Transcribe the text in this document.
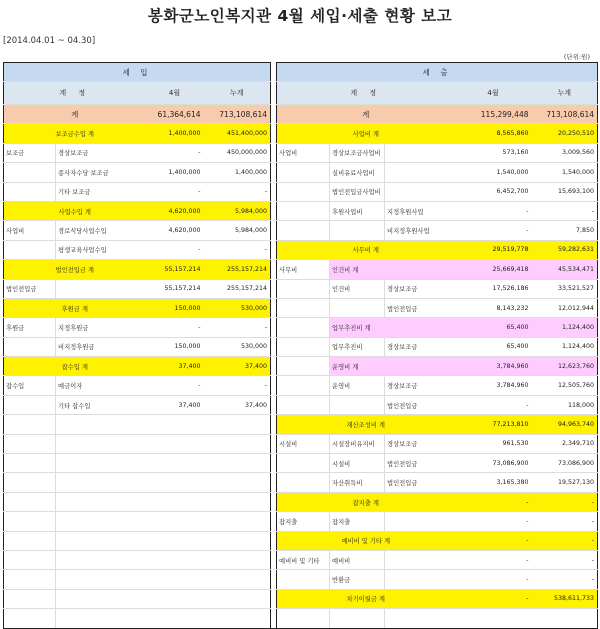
봉화군노인복지관 4월 세입·세출 현황 보고
[2014.04.01 ~ 04.30]
(단위:원)
세 입					세 출				
계 정		4월	누계		계 정			4월	누계
계		61,364,614	713,108,614		계			115,299,448	713,108,614
보조금수입 계		1,400,000	451,400,000		사업비 계			8,565,860	20,250,510
보조금	경상보조금	-	450,000,000		사업비	경상보조금사업비		573,160	3,009,560
	종사자수당 보조금	1,400,000	1,400,000			실비유료사업비		1,540,000	1,540,000
	기타 보조금	-	-			법인전입금사업비		6,452,700	15,693,100
사업수입 계		4,620,000	5,984,000			후원사업비	지정후원사업	-	-
사업비	경로식당사업수입	4,620,000	5,984,000				비지정후원사업	-	7,850
	평생교육사업수입	-	-		사무비 계			29,519,778	59,282,631
법인전입금 계		55,157,214	255,157,214		사무비	인건비 계		25,669,418	45,534,471
법인전입금		55,157,214	255,157,214			인건비	경상보조금	17,526,186	33,521,527
후원금 계		150,000	530,000				법인전입금	8,143,232	12,012,944
후원금	지정후원금	-	-			업무추진비 계		65,400	1,124,400
	비지정후원금	150,000	530,000			업무추진비	경상보조금	65,400	1,124,400
잡수입 계		37,400	37,400			운영비 계		3,784,960	12,623,760
잡수입	예금이자	-	-			운영비	경상보조금	3,784,960	12,505,760
	기타 잡수입	37,400	37,400				법인전입금	-	118,000
					재산조성비 계			77,213,810	94,963,740
					시설비	시설장비유지비	경상보조금	961,530	2,349,710
						시설비	법인전입금	73,086,900	73,086,900
						자산취득비	법인전입금	3,165,380	19,527,130
					잡지출 계			-	-
					잡지출	잡지출		-	-
					예비비 및 기타 계			-	-
					예비비 및 기타	예비비		-	-
						반환금		-	-
					차기이월금 계			-	538,611,733
